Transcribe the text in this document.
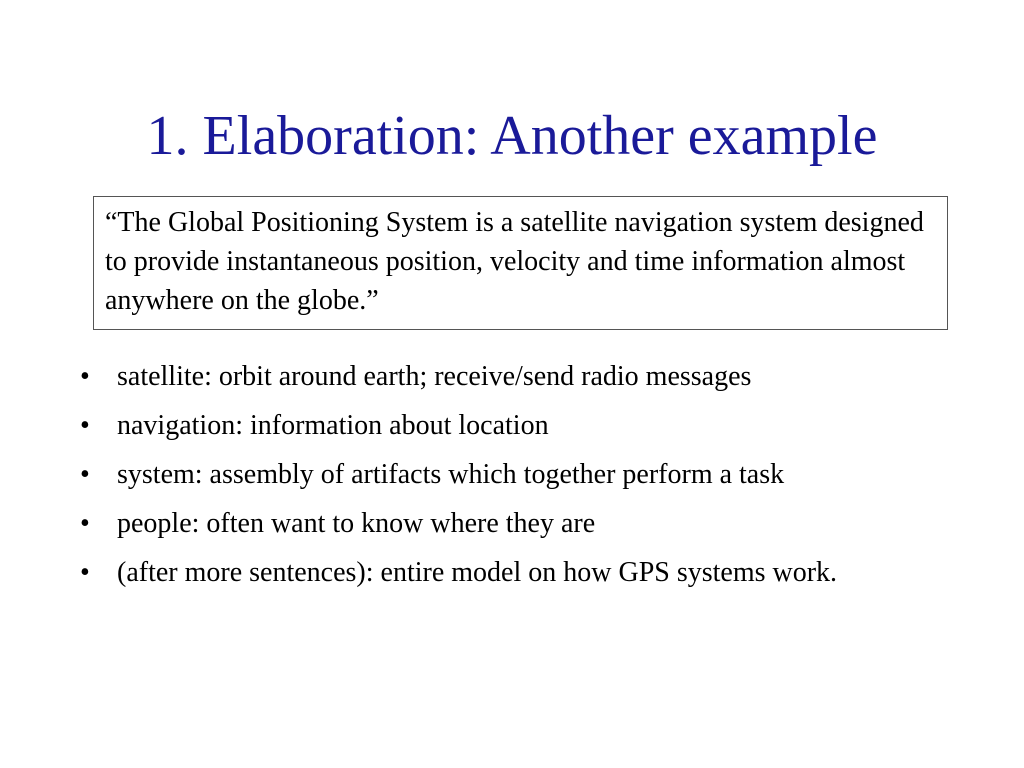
1. Elaboration: Another example
“The Global Positioning System is a satellite navigation system designed to provide instantaneous position, velocity and time information almost anywhere on the globe.”
• satellite: orbit around earth; receive/send radio messages
• navigation: information about location
• system: assembly of artifacts which together perform a task
• people: often want to know where they are
• (after more sentences): entire model on how GPS systems work.
